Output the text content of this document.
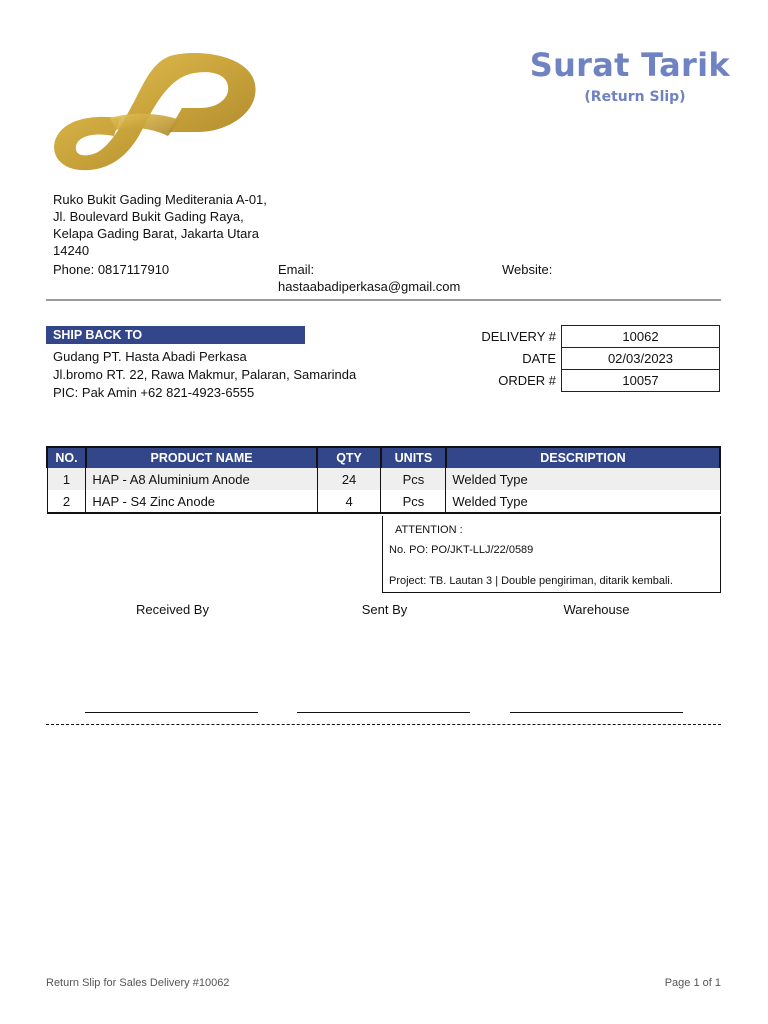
Surat Tarik
(Return Slip)
Ruko Bukit Gading Mediterania A-01,
Jl. Boulevard Bukit Gading Raya,
Kelapa Gading Barat, Jakarta Utara
14240
Phone: 0817117910	Email:
hastaabadiperkasa@gmail.com
Website:
SHIP BACK TO
Gudang PT. Hasta Abadi Perkasa
Jl.bromo RT. 22, Rawa Makmur, Palaran, Samarinda
PIC: Pak Amin +62 821-4923-6555
DELIVERY #	10062
DATE	02/03/2023
ORDER #	10057
NO.	PRODUCT NAME	QTY	UNITS	DESCRIPTION
1	HAP - A8 Aluminium Anode	24	Pcs	Welded Type
2	HAP - S4 Zinc Anode	4	Pcs	Welded Type
ATTENTION :
No. PO: PO/JKT-LLJ/22/0589
Project: TB. Lautan 3 | Double pengiriman, ditarik kembali.
Received By	Sent By	Warehouse
Return Slip for Sales Delivery #10062	Page 1 of 1
